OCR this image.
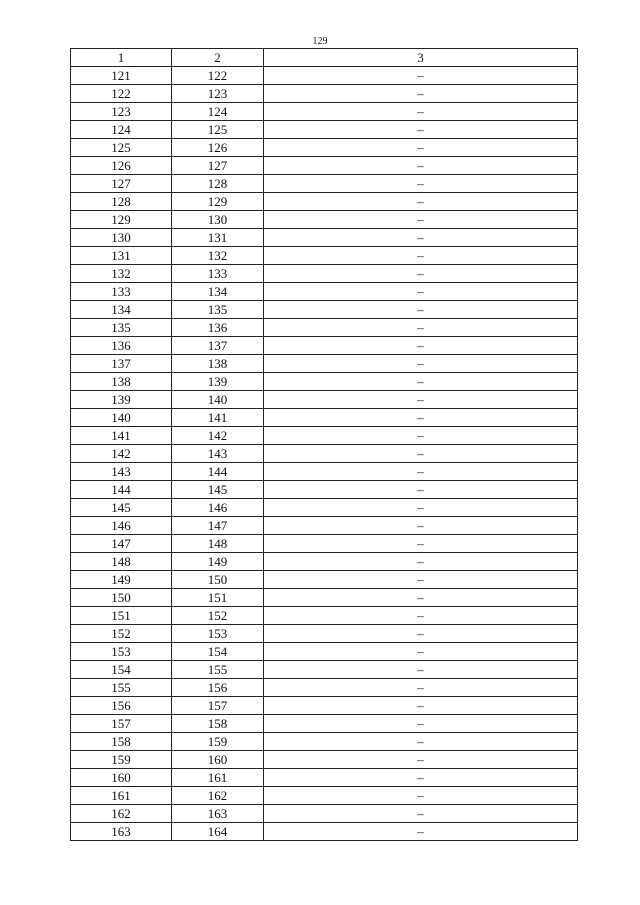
129
1	2	3
121	122	–
122	123	–
123	124	–
124	125	–
125	126	–
126	127	–
127	128	–
128	129	–
129	130	–
130	131	–
131	132	–
132	133	–
133	134	–
134	135	–
135	136	–
136	137	–
137	138	–
138	139	–
139	140	–
140	141	–
141	142	–
142	143	–
143	144	–
144	145	–
145	146	–
146	147	–
147	148	–
148	149	–
149	150	–
150	151	–
151	152	–
152	153	–
153	154	–
154	155	–
155	156	–
156	157	–
157	158	–
158	159	–
159	160	–
160	161	–
161	162	–
162	163	–
163	164	–
